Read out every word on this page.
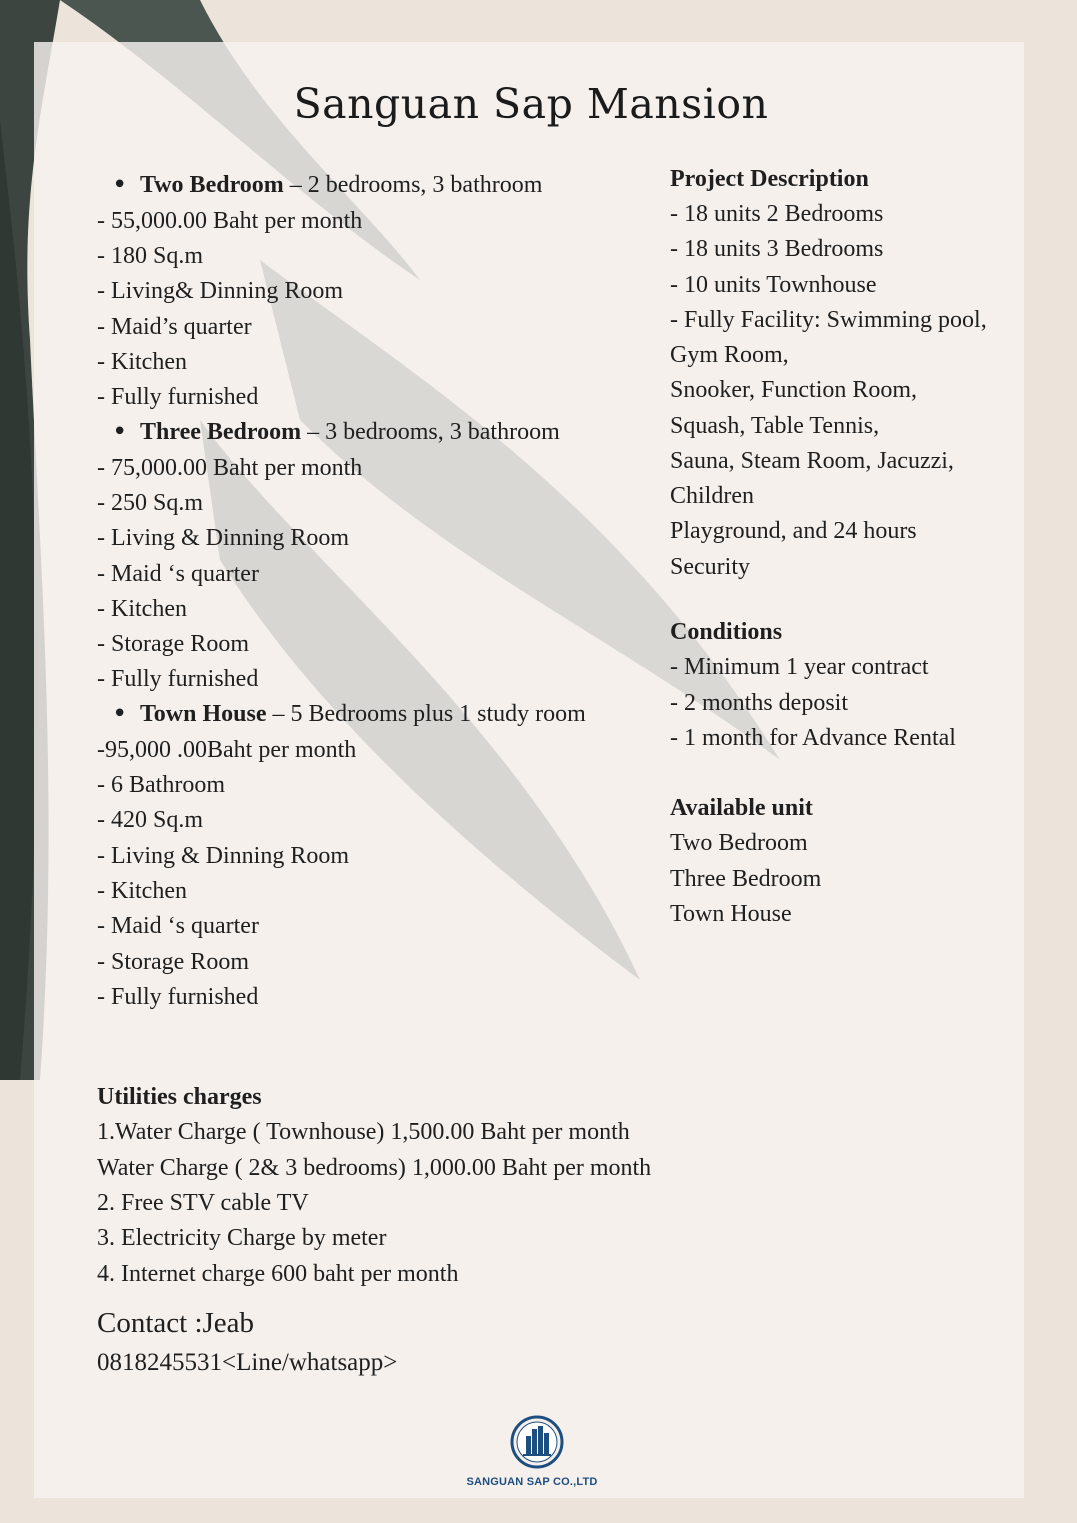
Sanguan Sap Mansion
• Two Bedroom – 2 bedrooms, 3 bathroom
- 55,000.00 Baht per month
- 180 Sq.m
- Living& Dinning Room
- Maid’s quarter
- Kitchen
- Fully furnished
• Three Bedroom – 3 bedrooms, 3 bathroom
- 75,000.00 Baht per month
- 250 Sq.m
- Living & Dinning Room
- Maid ‘s quarter
- Kitchen
- Storage Room
- Fully furnished
• Town House – 5 Bedrooms plus 1 study room
-95,000 .00Baht per month
- 6 Bathroom
- 420 Sq.m
- Living & Dinning Room
- Kitchen
- Maid ‘s quarter
- Storage Room
- Fully furnished
Project Description
- 18 units 2 Bedrooms
- 18 units 3 Bedrooms
- 10 units Townhouse
- Fully Facility: Swimming pool,
Gym Room,
Snooker, Function Room,
Squash, Table Tennis,
Sauna, Steam Room, Jacuzzi,
Children
Playground, and 24 hours
Security
Conditions
- Minimum 1 year contract
- 2 months deposit
- 1 month for Advance Rental
Available unit
Two Bedroom
Three Bedroom
Town House
Utilities charges
1.Water Charge ( Townhouse) 1,500.00 Baht per month
Water Charge ( 2& 3 bedrooms) 1,000.00 Baht per month
2. Free STV cable TV
3. Electricity Charge by meter
4. Internet charge 600 baht per month
Contact :Jeab
0818245531<Line/whatsapp>
SANGUAN SAP CO.,LTD
